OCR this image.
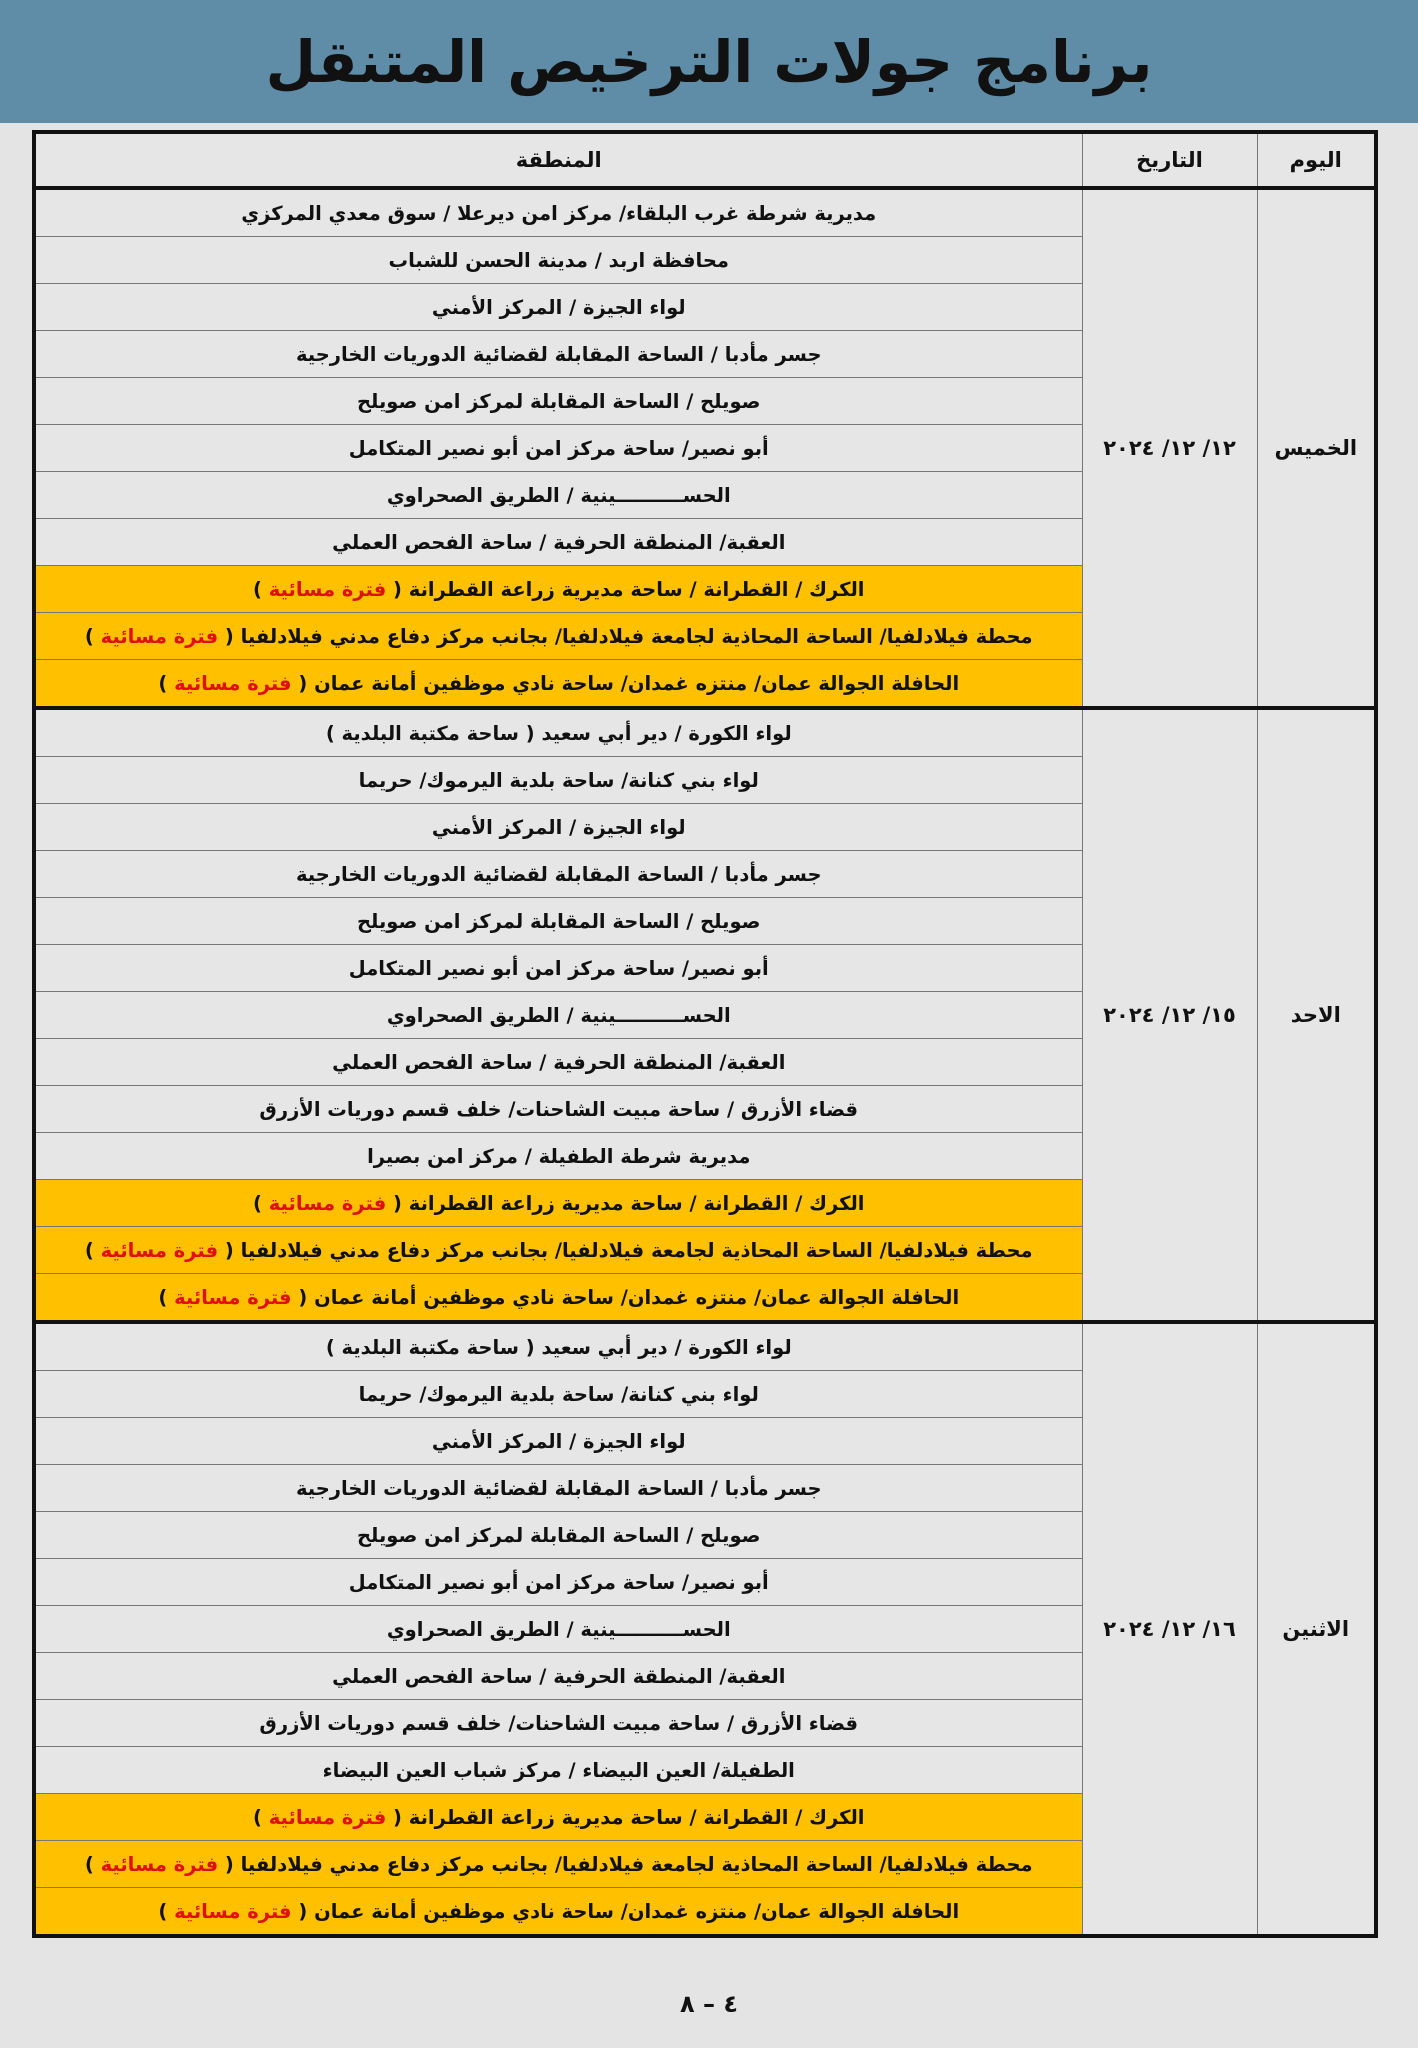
برنامج جولات الترخيص المتنقل
اليوم	التاريخ	المنطقة
الخميس	١٢/ ١٢/ ٢٠٢٤	مديرية شرطة غرب البلقاء/ مركز امن ديرعلا / سوق معدي المركزي
		محافظة اربد / مدينة الحسن للشباب
		لواء الجيزة / المركز الأمني
		جسر مأدبا / الساحة المقابلة لقضائية الدوريات الخارجية
		صويلح / الساحة المقابلة لمركز امن صويلح
		أبو نصير/ ساحة مركز امن أبو نصير المتكامل
		الحســــــــــينية / الطريق الصحراوي
		العقبة/ المنطقة الحرفية / ساحة الفحص العملي
		الكرك / القطرانة / ساحة مديرية زراعة القطرانة ( فترة مسائية )
		محطة فيلادلفيا/ الساحة المحاذية لجامعة فيلادلفيا/ بجانب مركز دفاع مدني فيلادلفيا ( فترة مسائية )
		الحافلة الجوالة عمان/ منتزه غمدان/ ساحة نادي موظفين أمانة عمان ( فترة مسائية )
الاحد	١٥/ ١٢/ ٢٠٢٤	لواء الكورة / دير أبي سعيد ( ساحة مكتبة البلدية )
		لواء بني كنانة/ ساحة بلدية اليرموك/ حريما
		لواء الجيزة / المركز الأمني
		جسر مأدبا / الساحة المقابلة لقضائية الدوريات الخارجية
		صويلح / الساحة المقابلة لمركز امن صويلح
		أبو نصير/ ساحة مركز امن أبو نصير المتكامل
		الحســــــــــينية / الطريق الصحراوي
		العقبة/ المنطقة الحرفية / ساحة الفحص العملي
		قضاء الأزرق / ساحة مبيت الشاحنات/ خلف قسم دوريات الأزرق
		مديرية شرطة الطفيلة / مركز امن بصيرا
		الكرك / القطرانة / ساحة مديرية زراعة القطرانة ( فترة مسائية )
		محطة فيلادلفيا/ الساحة المحاذية لجامعة فيلادلفيا/ بجانب مركز دفاع مدني فيلادلفيا ( فترة مسائية )
		الحافلة الجوالة عمان/ منتزه غمدان/ ساحة نادي موظفين أمانة عمان ( فترة مسائية )
الاثنين	١٦/ ١٢/ ٢٠٢٤	لواء الكورة / دير أبي سعيد ( ساحة مكتبة البلدية )
		لواء بني كنانة/ ساحة بلدية اليرموك/ حريما
		لواء الجيزة / المركز الأمني
		جسر مأدبا / الساحة المقابلة لقضائية الدوريات الخارجية
		صويلح / الساحة المقابلة لمركز امن صويلح
		أبو نصير/ ساحة مركز امن أبو نصير المتكامل
		الحســــــــــينية / الطريق الصحراوي
		العقبة/ المنطقة الحرفية / ساحة الفحص العملي
		قضاء الأزرق / ساحة مبيت الشاحنات/ خلف قسم دوريات الأزرق
		الطفيلة/ العين البيضاء / مركز شباب العين البيضاء
		الكرك / القطرانة / ساحة مديرية زراعة القطرانة ( فترة مسائية )
		محطة فيلادلفيا/ الساحة المحاذية لجامعة فيلادلفيا/ بجانب مركز دفاع مدني فيلادلفيا ( فترة مسائية )
		الحافلة الجوالة عمان/ منتزه غمدان/ ساحة نادي موظفين أمانة عمان ( فترة مسائية )
٤ – ٨
